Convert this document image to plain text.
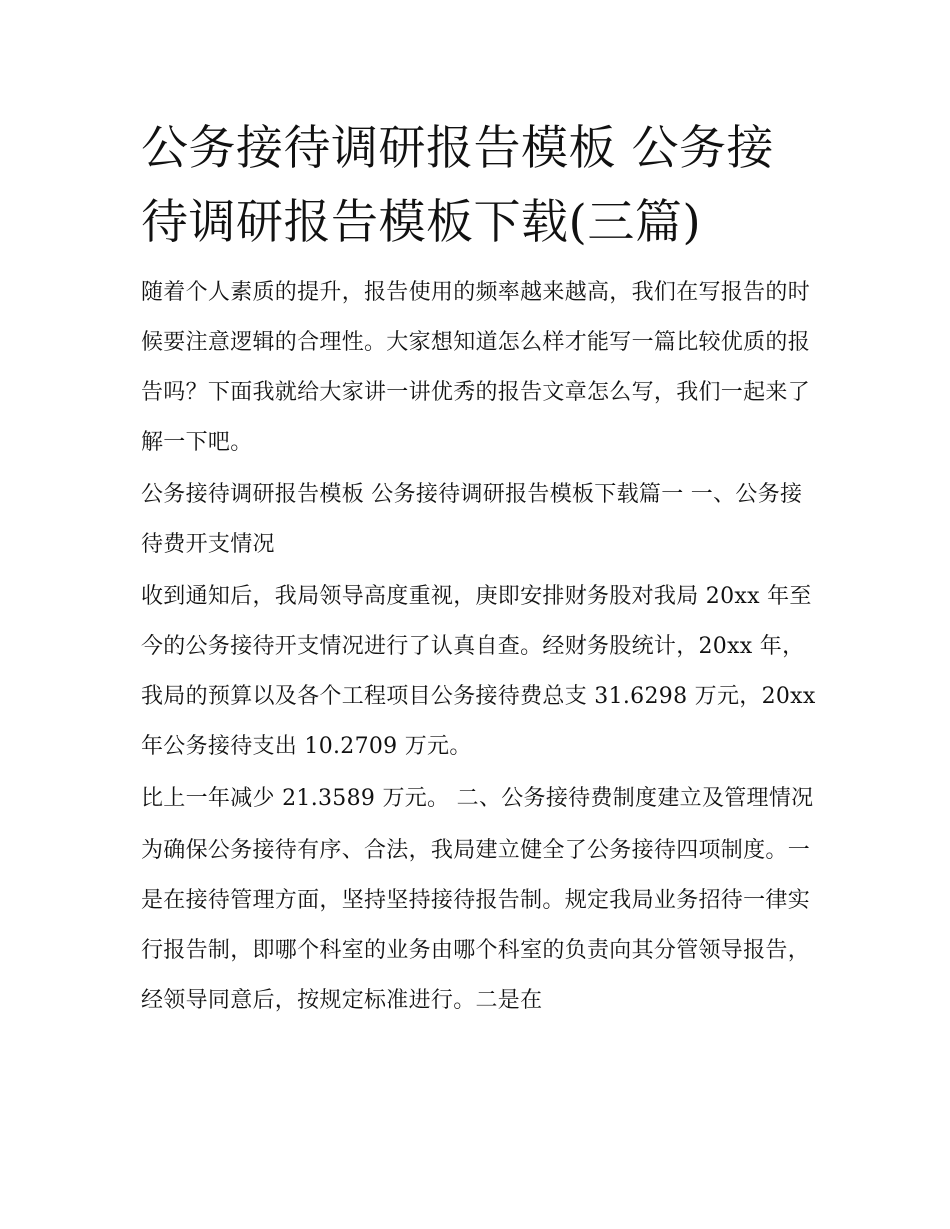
公务接待调研报告模板 公务接待调研报告模板下载(三篇)

随着个人素质的提升，报告使用的频率越来越高，我们在写报告的时候要注意逻辑的合理性。大家想知道怎么样才能写一篇比较优质的报告吗？下面我就给大家讲一讲优秀的报告文章怎么写，我们一起来了解一下吧。

公务接待调研报告模板 公务接待调研报告模板下载篇一 一、公务接待费开支情况

收到通知后，我局领导高度重视，庚即安排财务股对我局 20xx 年至今的公务接待开支情况进行了认真自查。经财务股统计，20xx 年，我局的预算以及各个工程项目公务接待费总支 31.6298 万元，20xx 年公务接待支出 10.2709 万元。

比上一年减少 21.3589 万元。 二、公务接待费制度建立及管理情况

为确保公务接待有序、合法，我局建立健全了公务接待四项制度。一是在接待管理方面，坚持坚持接待报告制。规定我局业务招待一律实行报告制，即哪个科室的业务由哪个科室的负责向其分管领导报告，经领导同意后，按规定标准进行。二是在
